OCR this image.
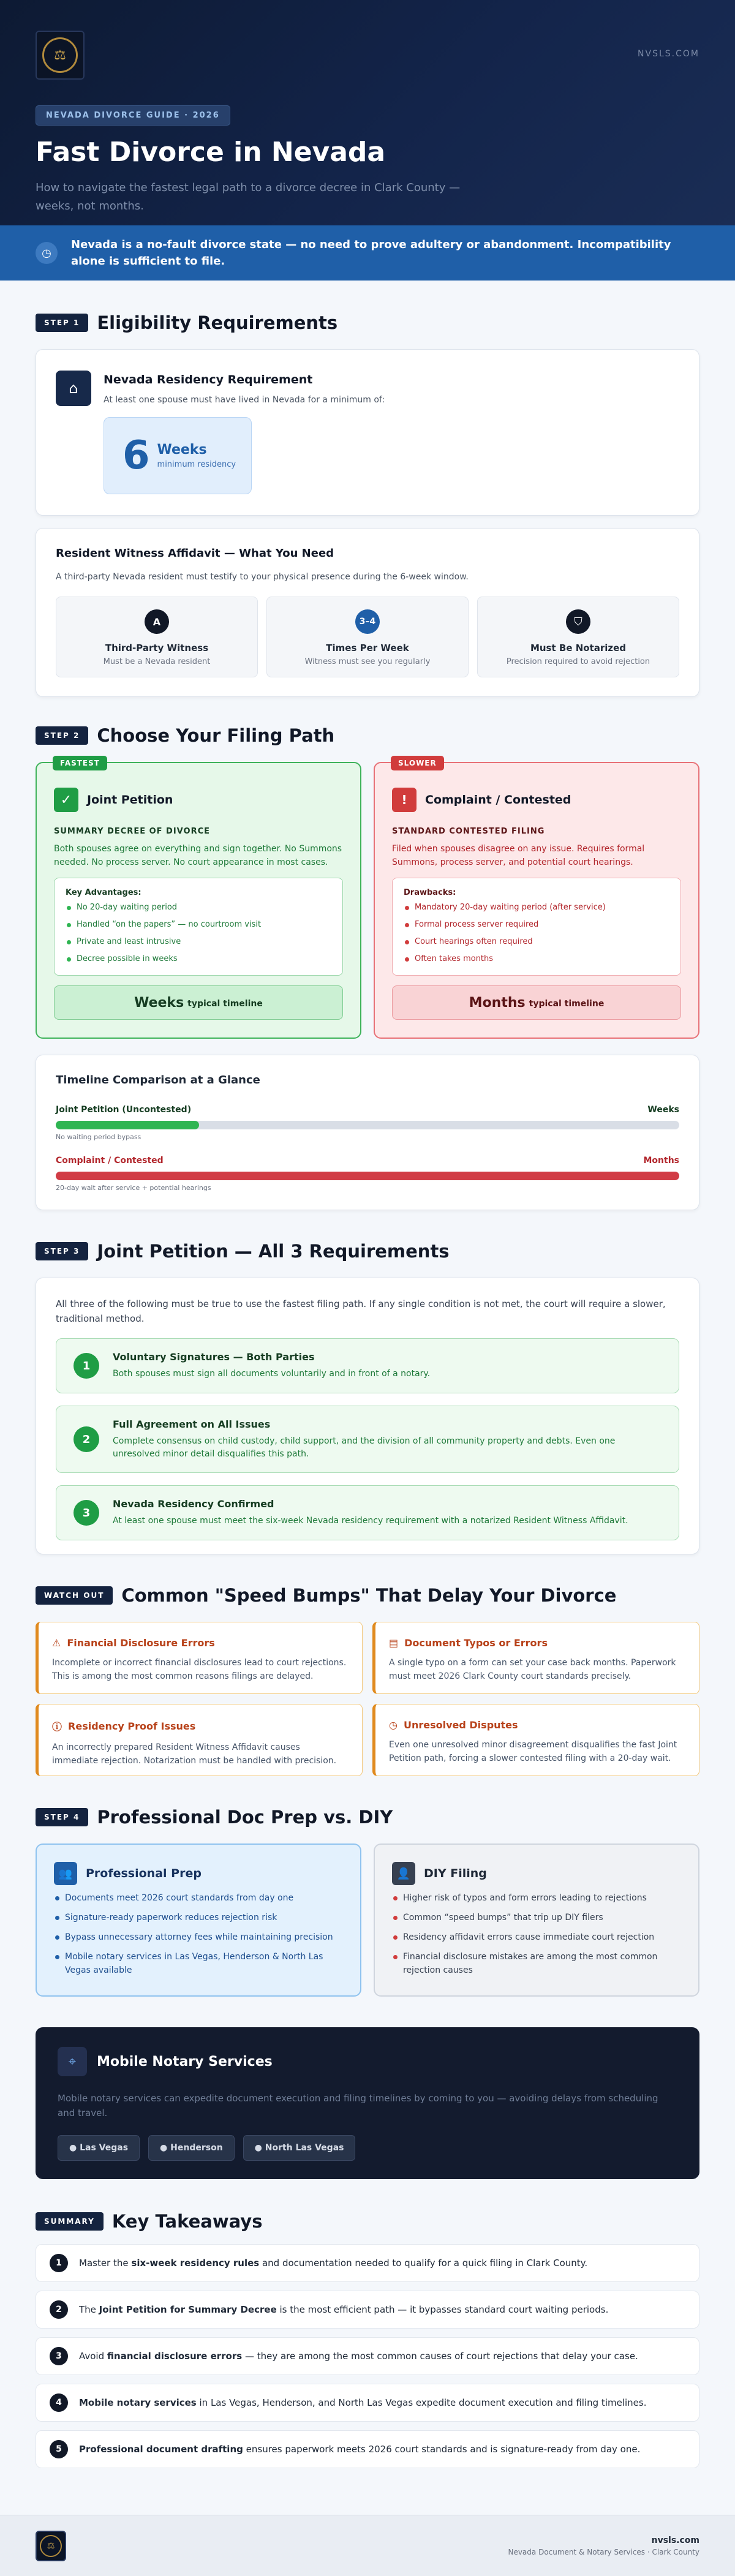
⚖	NVSLS.COM
NEVADA DIVORCE GUIDE · 2026
Fast Divorce in Nevada

How to navigate the fastest legal path to a divorce decree in Clark County — weeks, not months.

◷
Nevada is a no-fault divorce state — no need to prove adultery or abandonment. Incompatibility alone is sufficient to file.
STEP 1 Eligibility Requirements
⌂	Nevada Residency Requirement
At least one spouse must have lived in Nevada for a minimum of:
6 Weeks
minimum residency
Resident Witness Affidavit — What You Need
A third-party Nevada resident must testify to your physical presence during the 6-week window.
A
Third-Party Witness
Must be a Nevada resident
3–4
Times Per Week
Witness must see you regularly
⛉
Must Be Notarized
Precision required to avoid rejection
STEP 2 Choose Your Filing Path
FASTEST
✓	Joint Petition
SUMMARY DECREE OF DIVORCE
Both spouses agree on everything and sign together. No Summons needed. No process server. No court appearance in most cases.
Key Advantages:
No 20-day waiting period
Handled “on the papers” — no courtroom visit
Private and least intrusive
Decree possible in weeks
Weeks typical timeline
SLOWER
!	Complaint / Contested
STANDARD CONTESTED FILING
Filed when spouses disagree on any issue. Requires formal Summons, process server, and potential court hearings.
Drawbacks:
Mandatory 20-day waiting period (after service)
Formal process server required
Court hearings often required
Often takes months
Months typical timeline
Timeline Comparison at a Glance
Joint Petition (Uncontested)	Weeks
No waiting period bypass
Complaint / Contested	Months
20-day wait after service + potential hearings
STEP 3 Joint Petition — All 3 Requirements
All three of the following must be true to use the fastest filing path. If any single condition is not met, the court will require a slower, traditional method.
1
Voluntary Signatures — Both Parties
Both spouses must sign all documents voluntarily and in front of a notary.
2
Full Agreement on All Issues
Complete consensus on child custody, child support, and the division of all community property and debts. Even one unresolved minor detail disqualifies this path.
3
Nevada Residency Confirmed
At least one spouse must meet the six-week Nevada residency requirement with a notarized Resident Witness Affidavit.
WATCH OUT Common "Speed Bumps" That Delay Your Divorce
⚠ Financial Disclosure Errors

Incomplete or incorrect financial disclosures lead to court rejections. This is among the most common reasons filings are delayed.

▤ Document Typos or Errors

A single typo on a form can set your case back months. Paperwork must meet 2026 Clark County court standards precisely.

ⓘ Residency Proof Issues

An incorrectly prepared Resident Witness Affidavit causes immediate rejection. Notarization must be handled with precision.

◷ Unresolved Disputes

Even one unresolved minor disagreement disqualifies the fast Joint Petition path, forcing a slower contested filing with a 20-day wait.

STEP 4 Professional Doc Prep vs. DIY
👥	Professional Prep
Documents meet 2026 court standards from day one
Signature-ready paperwork reduces rejection risk
Bypass unnecessary attorney fees while maintaining precision
Mobile notary services in Las Vegas, Henderson & North Las Vegas available
👤	DIY Filing
Higher risk of typos and form errors leading to rejections
Common “speed bumps” that trip up DIY filers
Residency affidavit errors cause immediate court rejection
Financial disclosure mistakes are among the most common rejection causes
⌖	Mobile Notary Services
Mobile notary services can expedite document execution and filing timelines by coming to you — avoiding delays from scheduling and travel.
● Las Vegas	● Henderson	● North Las Vegas
SUMMARY Key Takeaways
1	Master the six-week residency rules and documentation needed to qualify for a quick filing in Clark County.
2	The Joint Petition for Summary Decree is the most efficient path — it bypasses standard court waiting periods.
3	Avoid financial disclosure errors — they are among the most common causes of court rejections that delay your case.
4	Mobile notary services in Las Vegas, Henderson, and North Las Vegas expedite document execution and filing timelines.
5	Professional document drafting ensures paperwork meets 2026 court standards and is signature-ready from day one.
⚖
nvsls.com
Nevada Document & Notary Services · Clark County
